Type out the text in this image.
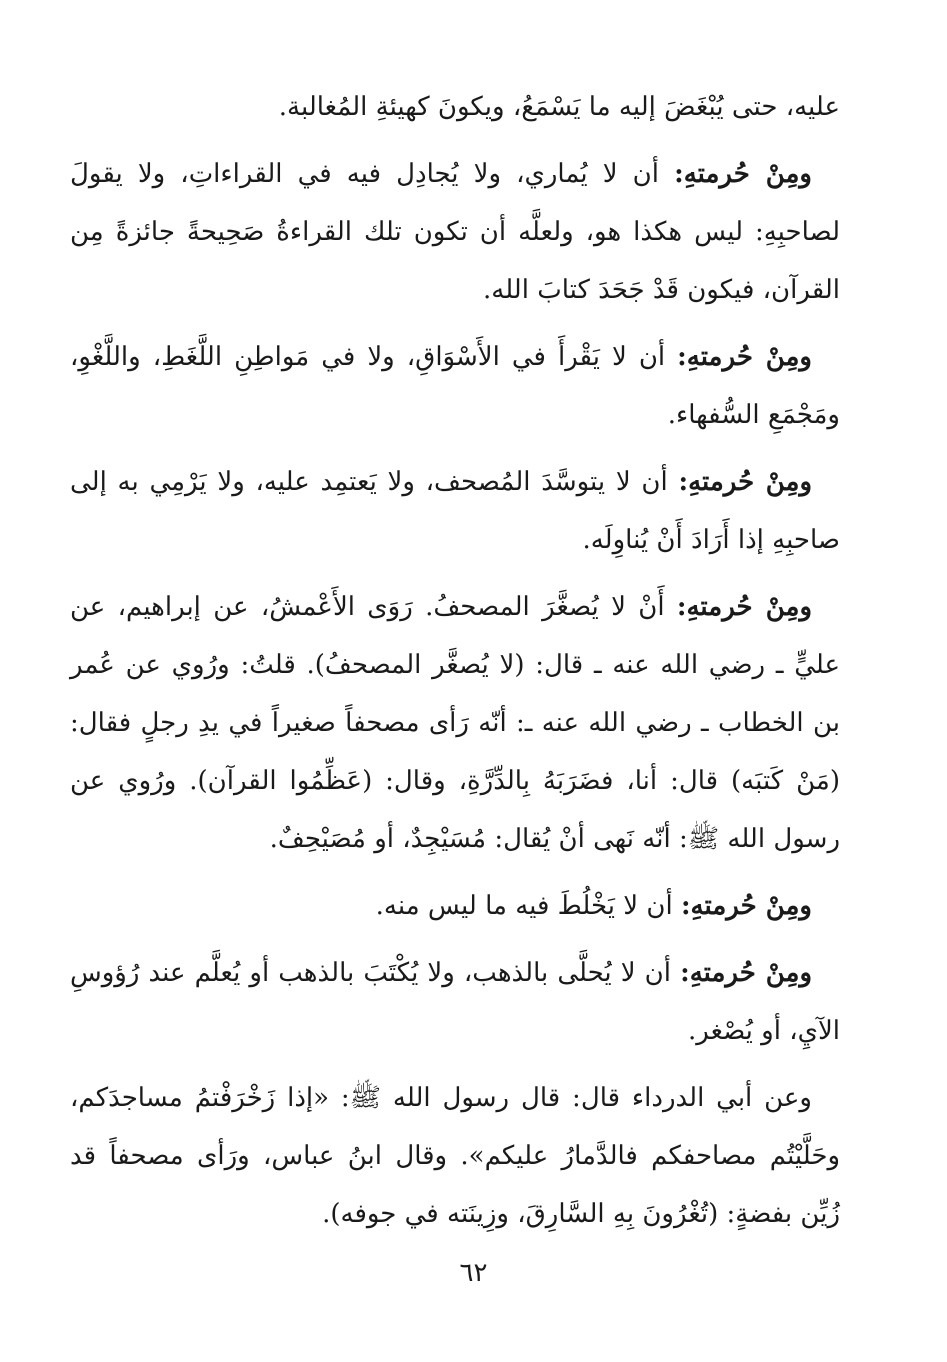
عليه، حتى يُبْغَضَ إليه ما يَسْمَعُ، ويكونَ كهيئةِ المُغالبة.

ومِنْ حُرمتهِ: أن لا يُماري، ولا يُجادِل فيه في القراءاتِ، ولا يقولَ لصاحبِهِ: ليس هكذا هو، ولعلَّه أن تكون تلك القراءةُ صَحِيحةً جائزةً مِن القرآن، فيكون قَدْ جَحَدَ كتابَ الله.

ومِنْ حُرمتهِ: أن لا يَقْرأَ في الأَسْوَاقِ، ولا في مَواطِنِ اللَّغَطِ، واللَّغْوِ، ومَجْمَعِ السُّفهاء.

ومِنْ حُرمتهِ: أن لا يتوسَّدَ المُصحف، ولا يَعتمِد عليه، ولا يَرْمِي به إلى صاحبِهِ إذا أَرَادَ أَنْ يُناوِلَه.

ومِنْ حُرمتهِ: أَنْ لا يُصغَّرَ المصحفُ. رَوَى الأَعْمشُ، عن إبراهيم، عن عليٍّ ـ رضي الله عنه ـ قال: (لا يُصغَّر المصحفُ). قلتُ: ورُوي عن عُمر بن الخطاب ـ رضي الله عنه ـ: أنّه رَأى مصحفاً صغيراً في يدِ رجلٍ فقال: (مَنْ كَتبَه) قال: أنا، فضَرَبَهُ بِالدِّرَّةِ، وقال: (عَظِّمُوا القرآن). ورُوي عن رسول الله ﷺ: أنّه نَهى أنْ يُقال: مُسَيْجِدٌ، أو مُصَيْحِفٌ.

ومِنْ حُرمتهِ: أن لا يَخْلُطَ فيه ما ليس منه.

ومِنْ حُرمتهِ: أن لا يُحلَّى بالذهب، ولا يُكْتَبَ بالذهب أو يُعلَّم عند رُؤوسِ الآيِ، أو يُصْغر.

وعن أبي الدرداء قال: قال رسول الله ﷺ: «إذا زَخْرَفْتمُ مساجدَكم، وحَلَّيْتُم مصاحفكم فالدَّمارُ عليكم». وقال ابنُ عباس، ورَأى مصحفاً قد زُيِّن بفضةٍ: (تُغْرُونَ بِهِ السَّارِقَ، وزِينَته في جوفه).

٦٢
